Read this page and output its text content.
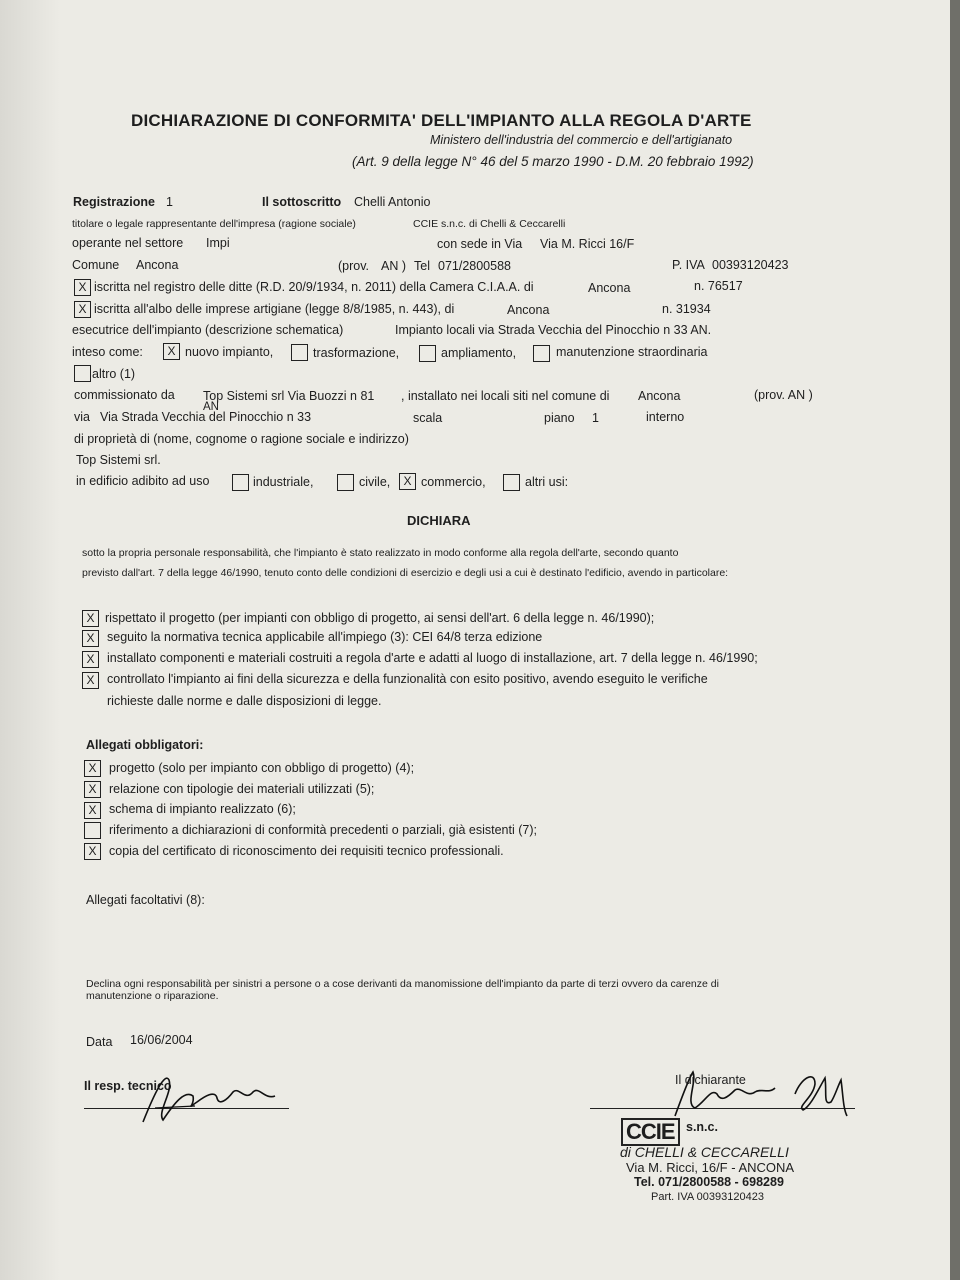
DICHIARAZIONE DI CONFORMITA' DELL'IMPIANTO ALLA REGOLA D'ARTE
Ministero dell'industria del commercio e dell'artigianato
(Art. 9 della legge N° 46 del 5 marzo 1990 - D.M. 20 febbraio 1992)
Registrazione 1	Il sottoscritto Chelli Antonio
titolare o legale rappresentante dell'impresa (ragione sociale)	CCIE s.n.c. di Chelli & Ceccarelli
operante nel settore Impi	con sede in Via Via M. Ricci 16/F
Comune Ancona	(prov. AN ) Tel 071/2800588	P. IVA 00393120423
X iscritta nel registro delle ditte (R.D. 20/9/1934, n. 2011) della Camera C.I.A.A. di	Ancona	n. 76517
X iscritta all'albo delle imprese artigiane (legge 8/8/1985, n. 443), di	Ancona	n. 31934
esecutrice dell'impianto (descrizione schematica)	Impianto locali via Strada Vecchia del Pinocchio n 33 AN.
inteso come:	X nuovo impianto,	trasformazione,	ampliamento,	manutenzione straordinaria
altro (1)
commissionato da Top Sistemi srl Via Buozzi n 81 , installato nei locali siti nel comune di Ancona	(prov. AN )
AN
via Via Strada Vecchia del Pinocchio n 33	scala	piano 1	interno
di proprietà di (nome, cognome o ragione sociale e indirizzo)
Top Sistemi srl.
in edificio adibito ad uso	industriale,	civile,	X commercio,	altri usi:
DICHIARA
sotto la propria personale responsabilità, che l'impianto è stato realizzato in modo conforme alla regola dell'arte, secondo quanto
previsto dall'art. 7 della legge 46/1990, tenuto conto delle condizioni di esercizio e degli usi a cui è destinato l'edificio, avendo in particolare:
X rispettato il progetto (per impianti con obbligo di progetto, ai sensi dell'art. 6 della legge n. 46/1990);
X	seguito la normativa tecnica applicabile all'impiego (3): CEI 64/8 terza edizione
X	installato componenti e materiali costruiti a regola d'arte e adatti al luogo di installazione, art. 7 della legge n. 46/1990;
X	controllato l'impianto ai fini della sicurezza e della funzionalità con esito positivo, avendo eseguito le verifiche
richieste dalle norme e dalle disposizioni di legge.
Allegati obbligatori:
X	progetto (solo per impianto con obbligo di progetto) (4);
X	relazione con tipologie dei materiali utilizzati (5);
X	schema di impianto realizzato (6);
riferimento a dichiarazioni di conformità precedenti o parziali, già esistenti (7);
X	copia del certificato di riconoscimento dei requisiti tecnico professionali.
Allegati facoltativi (8):
Declina ogni responsabilità per sinistri a persone o a cose derivanti da manomissione dell'impianto da parte di terzi ovvero da carenze di
manutenzione o riparazione.
Data 16/06/2004
Il resp. tecnico	Il dichiarante
CCIE s.n.c.
di CHELLI & CECCARELLI
Via M. Ricci, 16/F - ANCONA
Tel. 071/2800588 - 698289
Part. IVA 00393120423
